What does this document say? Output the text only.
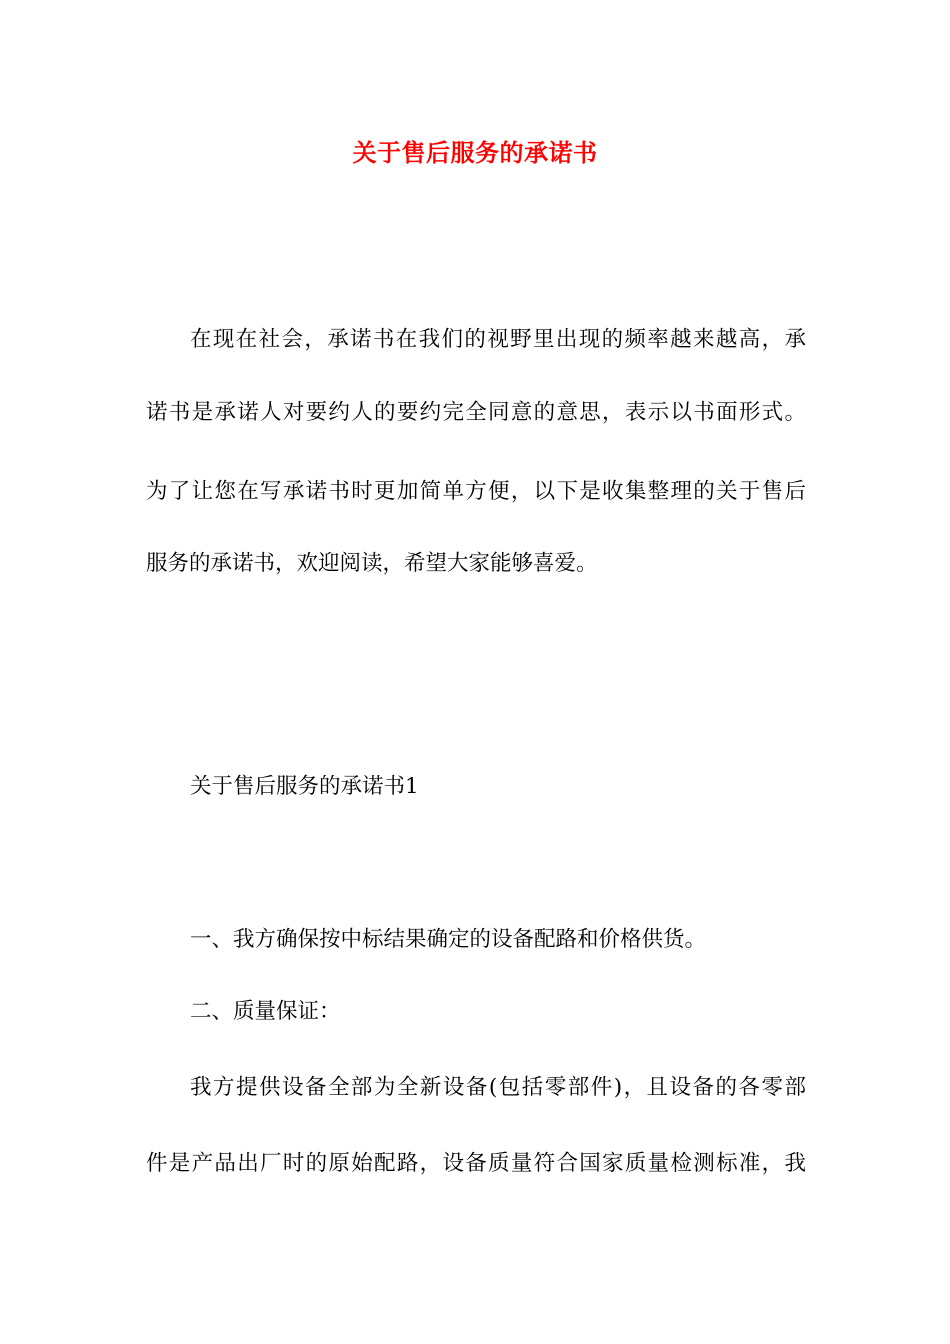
关于售后服务的承诺书
在现在社会，承诺书在我们的视野里出现的频率越来越高，承
诺书是承诺人对要约人的要约完全同意的意思，表示以书面形式。
为了让您在写承诺书时更加简单方便，以下是收集整理的关于售后
服务的承诺书，欢迎阅读，希望大家能够喜爱。
关于售后服务的承诺书1
一、我方确保按中标结果确定的设备配路和价格供货。
二、质量保证：
我方提供设备全部为全新设备(包括零部件)，且设备的各零部
件是产品出厂时的原始配路，设备质量符合国家质量检测标准，我
